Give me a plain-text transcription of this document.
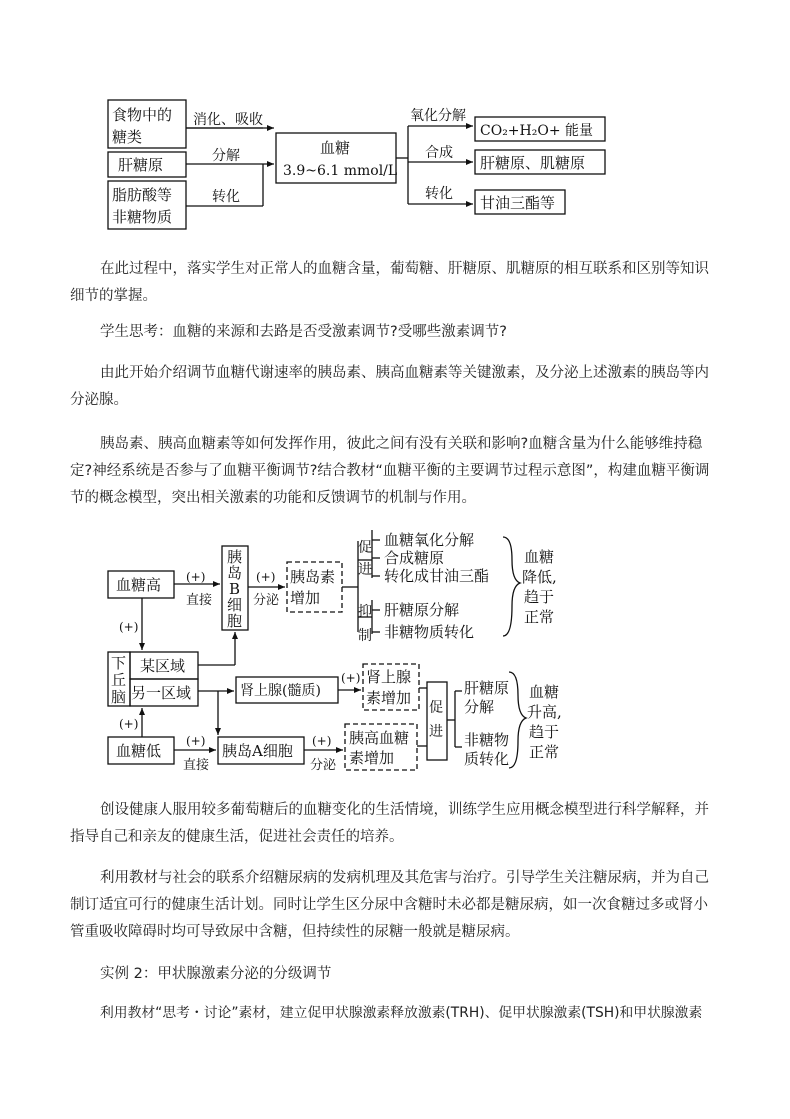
食物中的
糖类
肝糖原
脂肪酸等
非糖物质
消化、吸收
分解
转化
血糖
3.9~6.1 mmol/L
氧化分解
合成
转化
CO₂+H₂O+ 能量
肝糖原、肌糖原
甘油三酯等
血糖高 (+)
直接
胰
岛
B
细
胞
(+)
分泌
胰岛素
增加
促
进
抑
制
血糖氧化分解
合成糖原
转化成甘油三酯
肝糖原分解
非糖物质转化
血糖
降低,
趋于
正常
(+)
下
丘
脑
某区域
另一区域	肾上腺(髓质)
(+) 肾上腺
素增加
(+)
血糖低
(+)
直接
胰岛A细胞
(+)
分泌
胰高血糖
素增加
促
进
肝糖原
分解
非糖物
质转化
血糖
升高,
趋于
正常

在此过程中，落实学生对正常人的血糖含量，葡萄糖、肝糖原、肌糖原的相互联系和区别等知识细节的掌握。

学生思考：血糖的来源和去路是否受激素调节?受哪些激素调节?

由此开始介绍调节血糖代谢速率的胰岛素、胰高血糖素等关键激素，及分泌上述激素的胰岛等内分泌腺。

胰岛素、胰高血糖素等如何发挥作用，彼此之间有没有关联和影响?血糖含量为什么能够维持稳定?神经系统是否参与了血糖平衡调节?结合教材“血糖平衡的主要调节过程示意图”，构建血糖平衡调节的概念模型，突出相关激素的功能和反馈调节的机制与作用。

创设健康人服用较多葡萄糖后的血糖变化的生活情境，训练学生应用概念模型进行科学解释，并指导自己和亲友的健康生活，促进社会责任的培养。

利用教材与社会的联系介绍糖尿病的发病机理及其危害与治疗。引导学生关注糖尿病，并为自己制订适宜可行的健康生活计划。同时让学生区分尿中含糖时未必都是糖尿病，如一次食糖过多或肾小管重吸收障碍时均可导致尿中含糖，但持续性的尿糖一般就是糖尿病。

实例 2：甲状腺激素分泌的分级调节

利用教材“思考・讨论”素材，建立促甲状腺激素释放激素(TRH)、促甲状腺激素(TSH)和甲状腺激素
